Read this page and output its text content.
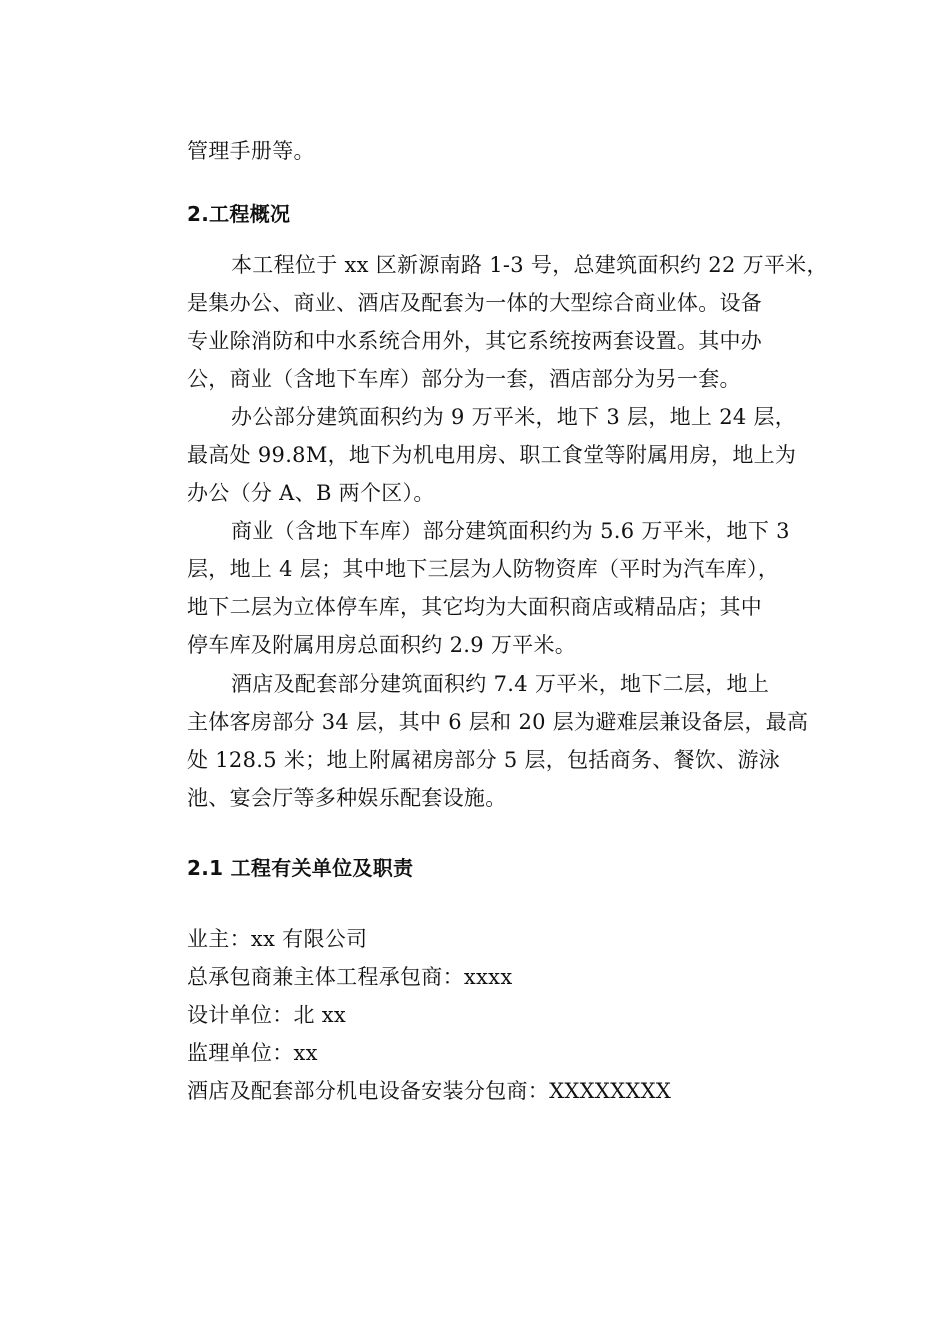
管理手册等。
2.工程概况
本工程位于 xx 区新源南路 1-3 号，总建筑面积约 22 万平米，
是集办公、商业、酒店及配套为一体的大型综合商业体。设备
专业除消防和中水系统合用外，其它系统按两套设置。其中办
公，商业（含地下车库）部分为一套，酒店部分为另一套。
办公部分建筑面积约为 9 万平米，地下 3 层，地上 24 层，
最高处 99.8M，地下为机电用房、职工食堂等附属用房，地上为
办公（分 A、B 两个区）。
商业（含地下车库）部分建筑面积约为 5.6 万平米，地下 3
层，地上 4 层；其中地下三层为人防物资库（平时为汽车库），
地下二层为立体停车库，其它均为大面积商店或精品店；其中
停车库及附属用房总面积约 2.9 万平米。
酒店及配套部分建筑面积约 7.4 万平米，地下二层，地上
主体客房部分 34 层，其中 6 层和 20 层为避难层兼设备层，最高
处 128.5 米；地上附属裙房部分 5 层，包括商务、餐饮、游泳
池、宴会厅等多种娱乐配套设施。
2.1 工程有关单位及职责
业主：xx 有限公司
总承包商兼主体工程承包商：xxxx
设计单位：北 xx
监理单位：xx
酒店及配套部分机电设备安装分包商：XXXXXXXX
